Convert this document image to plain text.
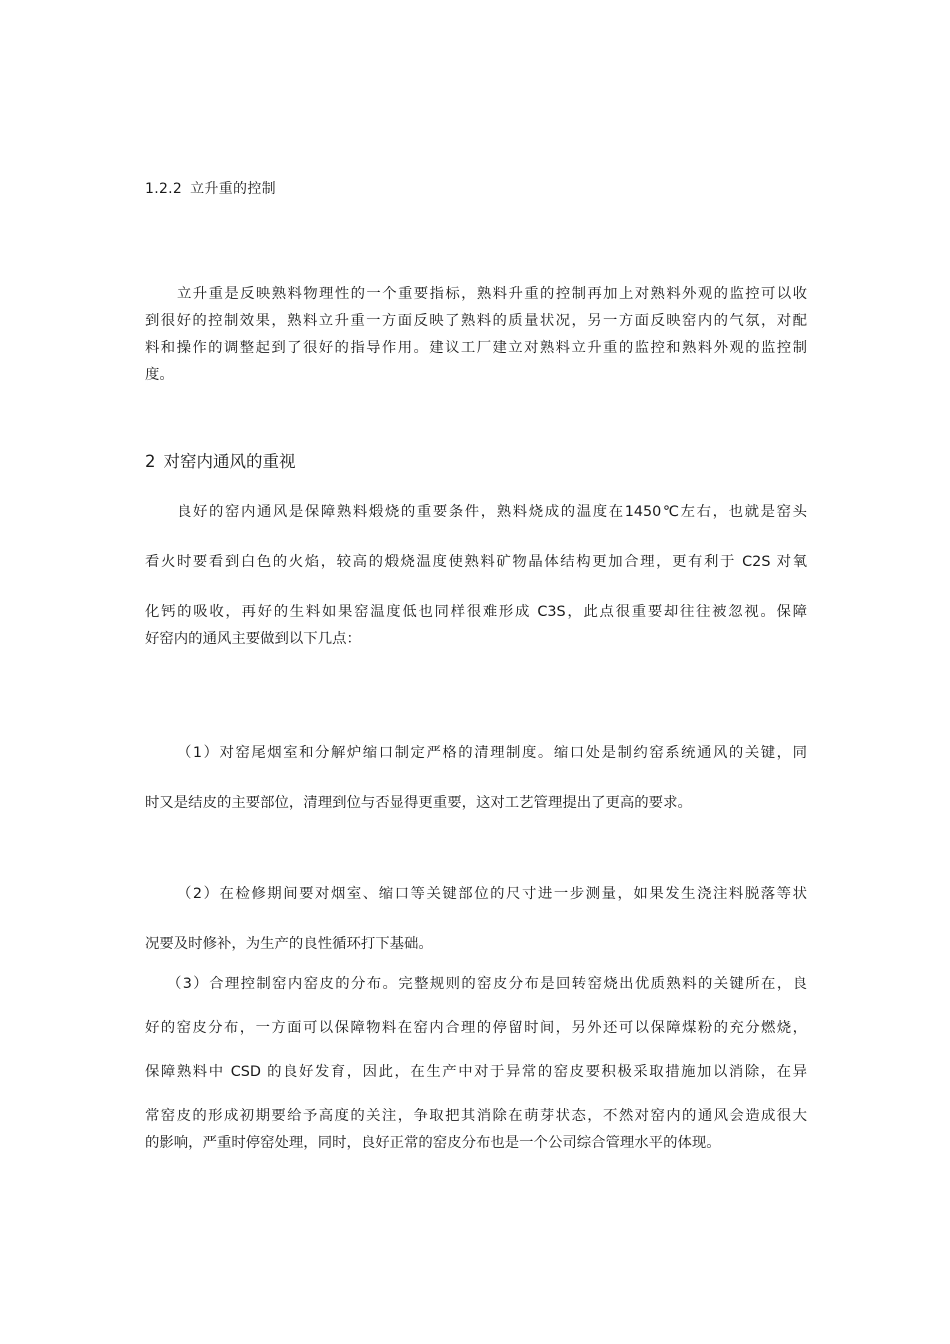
1.2.2 立升重的控制

立升重是反映熟料物理性的一个重要指标，熟料升重的控制再加上对熟料外观的监控可以收
到很好的控制效果，熟料立升重一方面反映了熟料的质量状况，另一方面反映窑内的气氛，对配
料和操作的调整起到了很好的指导作用。建议工厂建立对熟料立升重的监控和熟料外观的监控制
度。

2 对窑内通风的重视

良好的窑内通风是保障熟料煅烧的重要条件，熟料烧成的温度在1450℃左右，也就是窑头
看火时要看到白色的火焰，较高的煅烧温度使熟料矿物晶体结构更加合理，更有利于 C2S 对氧
化钙的吸收，再好的生料如果窑温度低也同样很难形成 C3S，此点很重要却往往被忽视。保障
好窑内的通风主要做到以下几点：

（1）对窑尾烟室和分解炉缩口制定严格的清理制度。缩口处是制约窑系统通风的关键，同
时又是结皮的主要部位，清理到位与否显得更重要，这对工艺管理提出了更高的要求。

（2）在检修期间要对烟室、缩口等关键部位的尺寸进一步测量，如果发生浇注料脱落等状
况要及时修补，为生产的良性循环打下基础。

（3）合理控制窑内窑皮的分布。完整规则的窑皮分布是回转窑烧出优质熟料的关键所在，良
好的窑皮分布，一方面可以保障物料在窑内合理的停留时间，另外还可以保障煤粉的充分燃烧，
保障熟料中 CSD 的良好发育，因此，在生产中对于异常的窑皮要积极采取措施加以消除，在异
常窑皮的形成初期要给予高度的关注，争取把其消除在萌芽状态，不然对窑内的通风会造成很大
的影响，严重时停窑处理，同时，良好正常的窑皮分布也是一个公司综合管理水平的体现。
